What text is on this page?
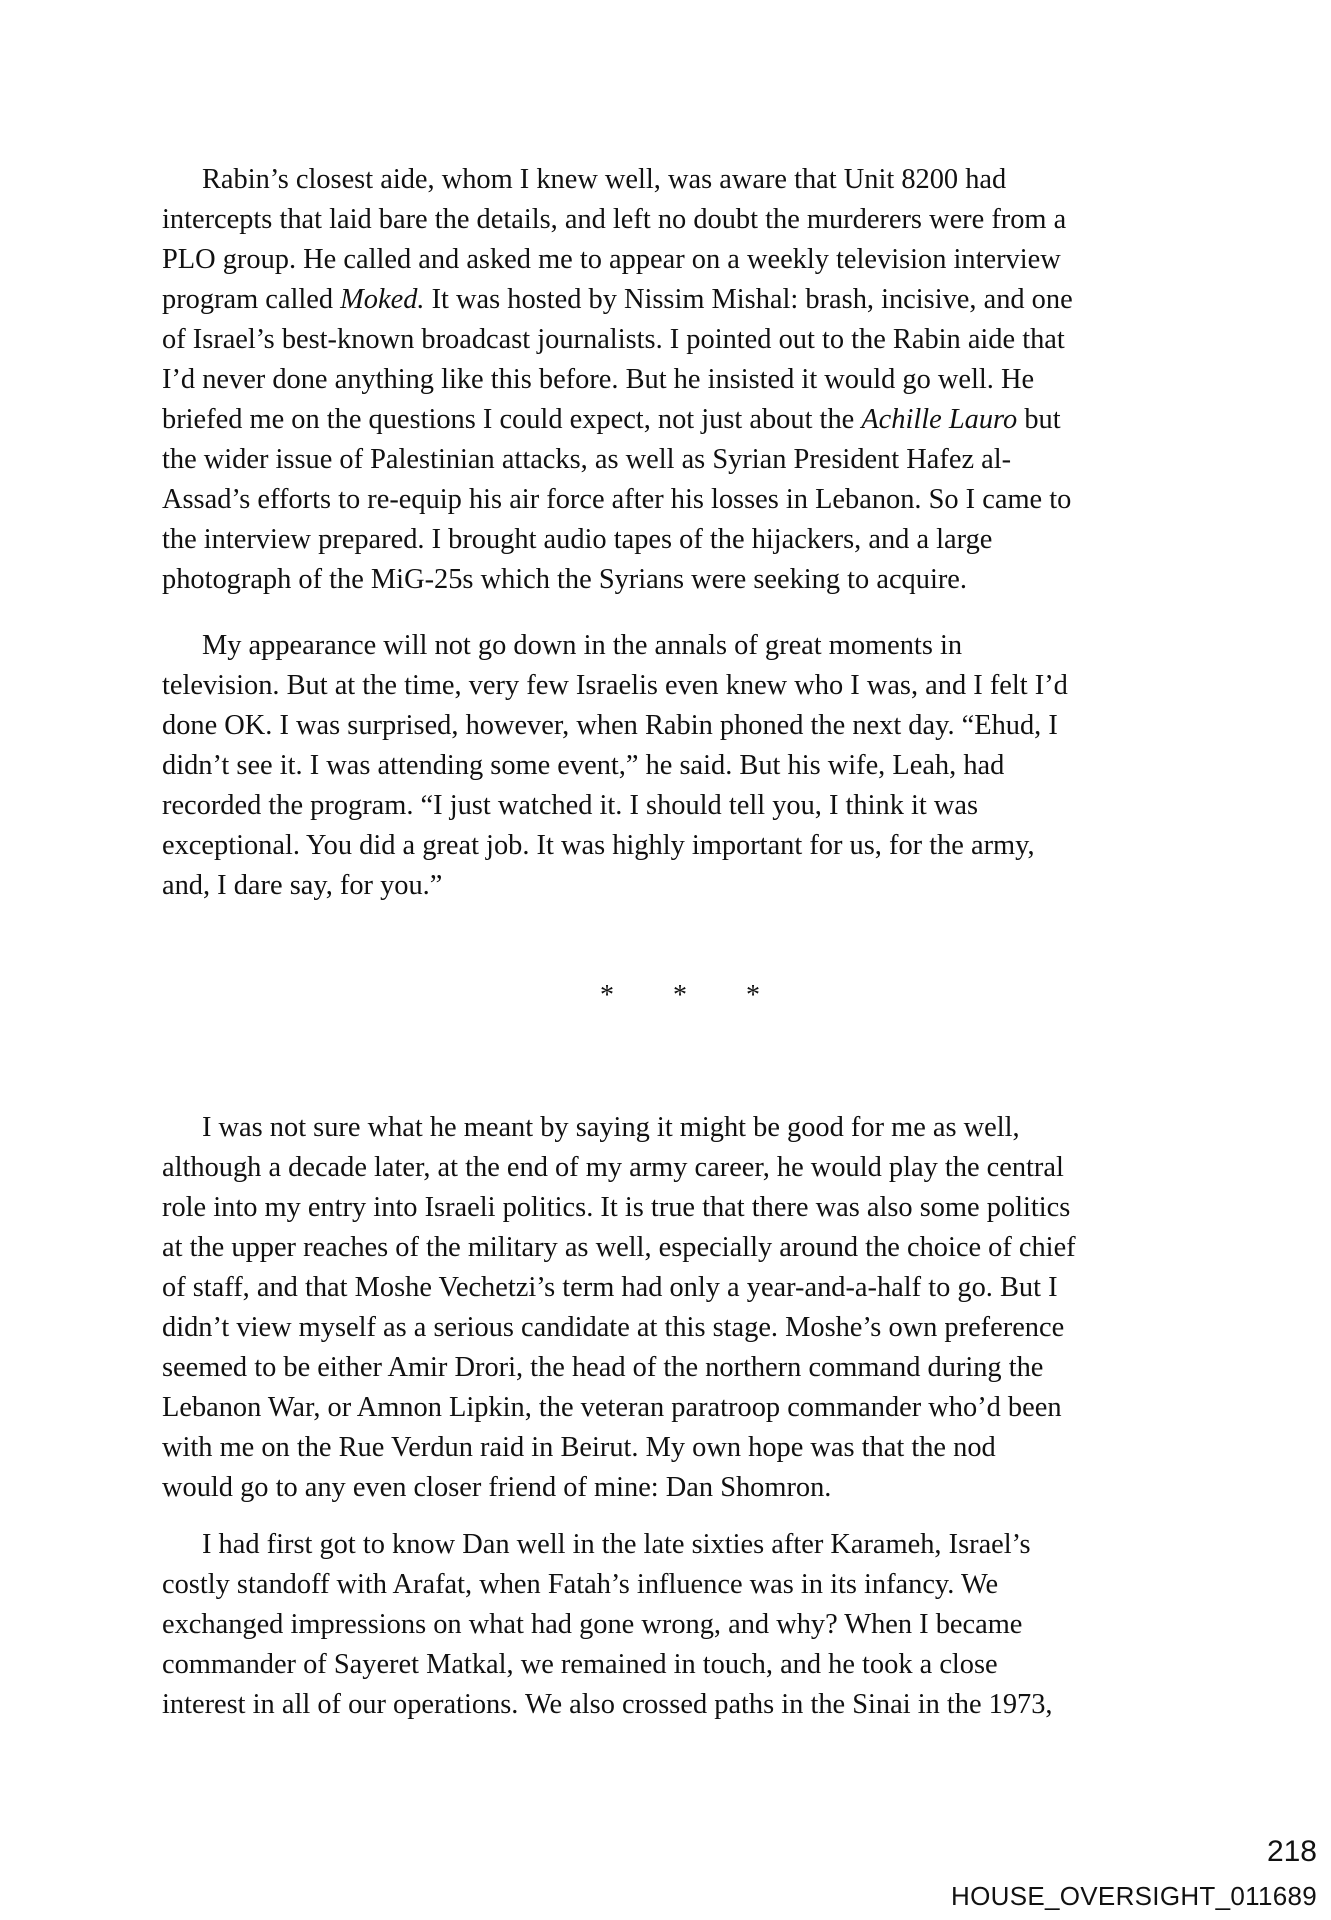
Rabin’s closest aide, whom I knew well, was aware that Unit 8200 had
intercepts that laid bare the details, and left no doubt the murderers were from a
PLO group. He called and asked me to appear on a weekly television interview
program called Moked. It was hosted by Nissim Mishal: brash, incisive, and one
of Israel’s best-known broadcast journalists. I pointed out to the Rabin aide that
I’d never done anything like this before. But he insisted it would go well. He
briefed me on the questions I could expect, not just about the Achille Lauro but
the wider issue of Palestinian attacks, as well as Syrian President Hafez al-
Assad’s efforts to re-equip his air force after his losses in Lebanon. So I came to
the interview prepared. I brought audio tapes of the hijackers, and a large
photograph of the MiG-25s which the Syrians were seeking to acquire.

My appearance will not go down in the annals of great moments in
television. But at the time, very few Israelis even knew who I was, and I felt I’d
done OK. I was surprised, however, when Rabin phoned the next day. “Ehud, I
didn’t see it. I was attending some event,” he said. But his wife, Leah, had
recorded the program. “I just watched it. I should tell you, I think it was
exceptional. You did a great job. It was highly important for us, for the army,
and, I dare say, for you.”

* * *

I was not sure what he meant by saying it might be good for me as well,
although a decade later, at the end of my army career, he would play the central
role into my entry into Israeli politics. It is true that there was also some politics
at the upper reaches of the military as well, especially around the choice of chief
of staff, and that Moshe Vechetzi’s term had only a year-and-a-half to go. But I
didn’t view myself as a serious candidate at this stage. Moshe’s own preference
seemed to be either Amir Drori, the head of the northern command during the
Lebanon War, or Amnon Lipkin, the veteran paratroop commander who’d been
with me on the Rue Verdun raid in Beirut. My own hope was that the nod
would go to any even closer friend of mine: Dan Shomron.

I had first got to know Dan well in the late sixties after Karameh, Israel’s
costly standoff with Arafat, when Fatah’s influence was in its infancy. We
exchanged impressions on what had gone wrong, and why? When I became
commander of Sayeret Matkal, we remained in touch, and he took a close
interest in all of our operations. We also crossed paths in the Sinai in the 1973,

218
HOUSE_OVERSIGHT_011689
